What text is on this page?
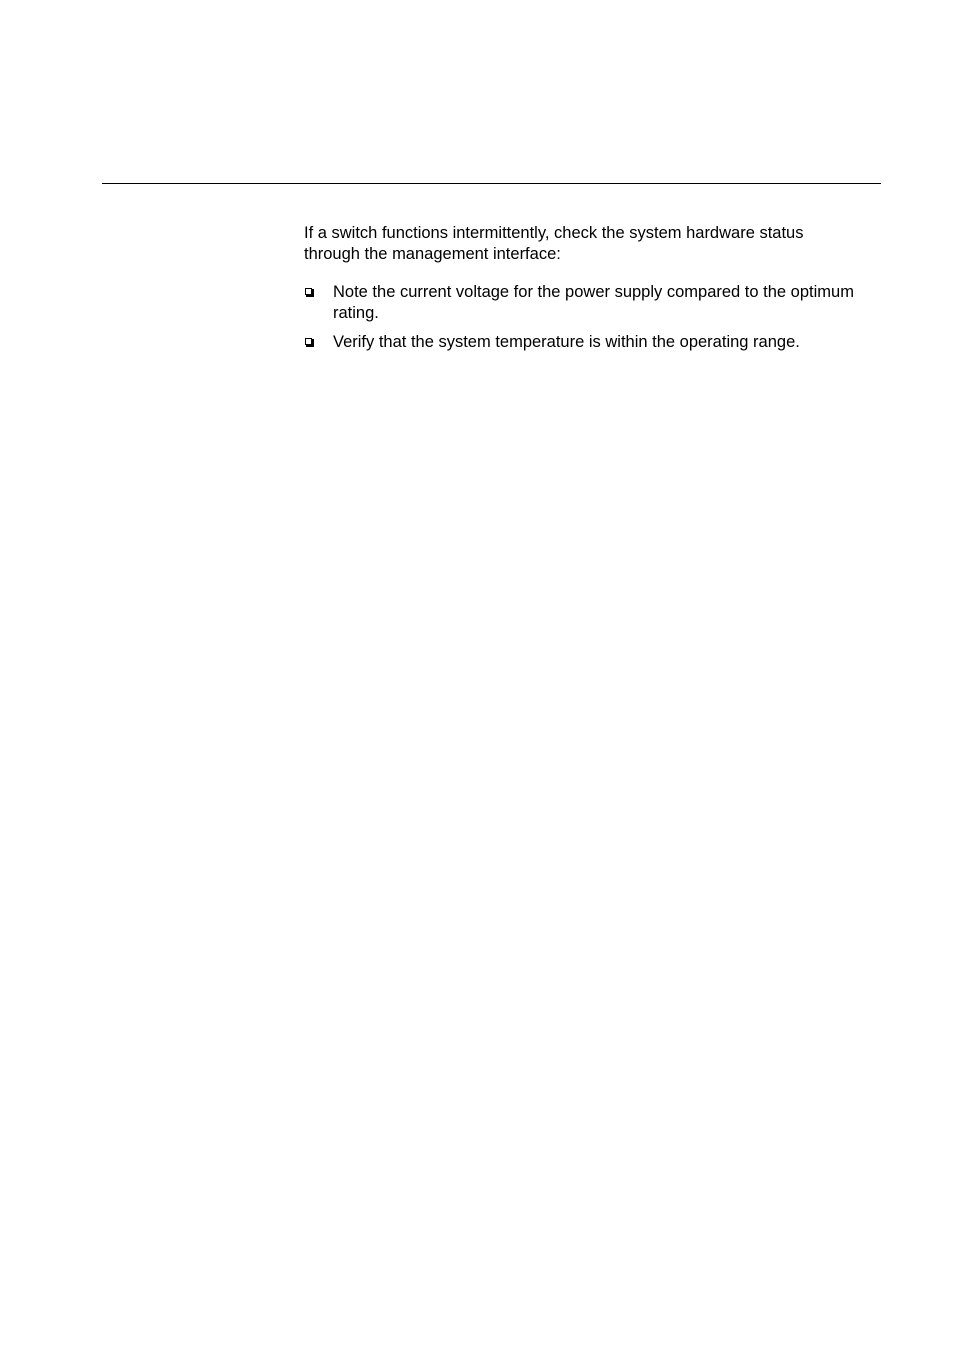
If a switch functions intermittently, check the system hardware status through the management interface:

Note the current voltage for the power supply compared to the optimum rating.
Verify that the system temperature is within the operating range.
